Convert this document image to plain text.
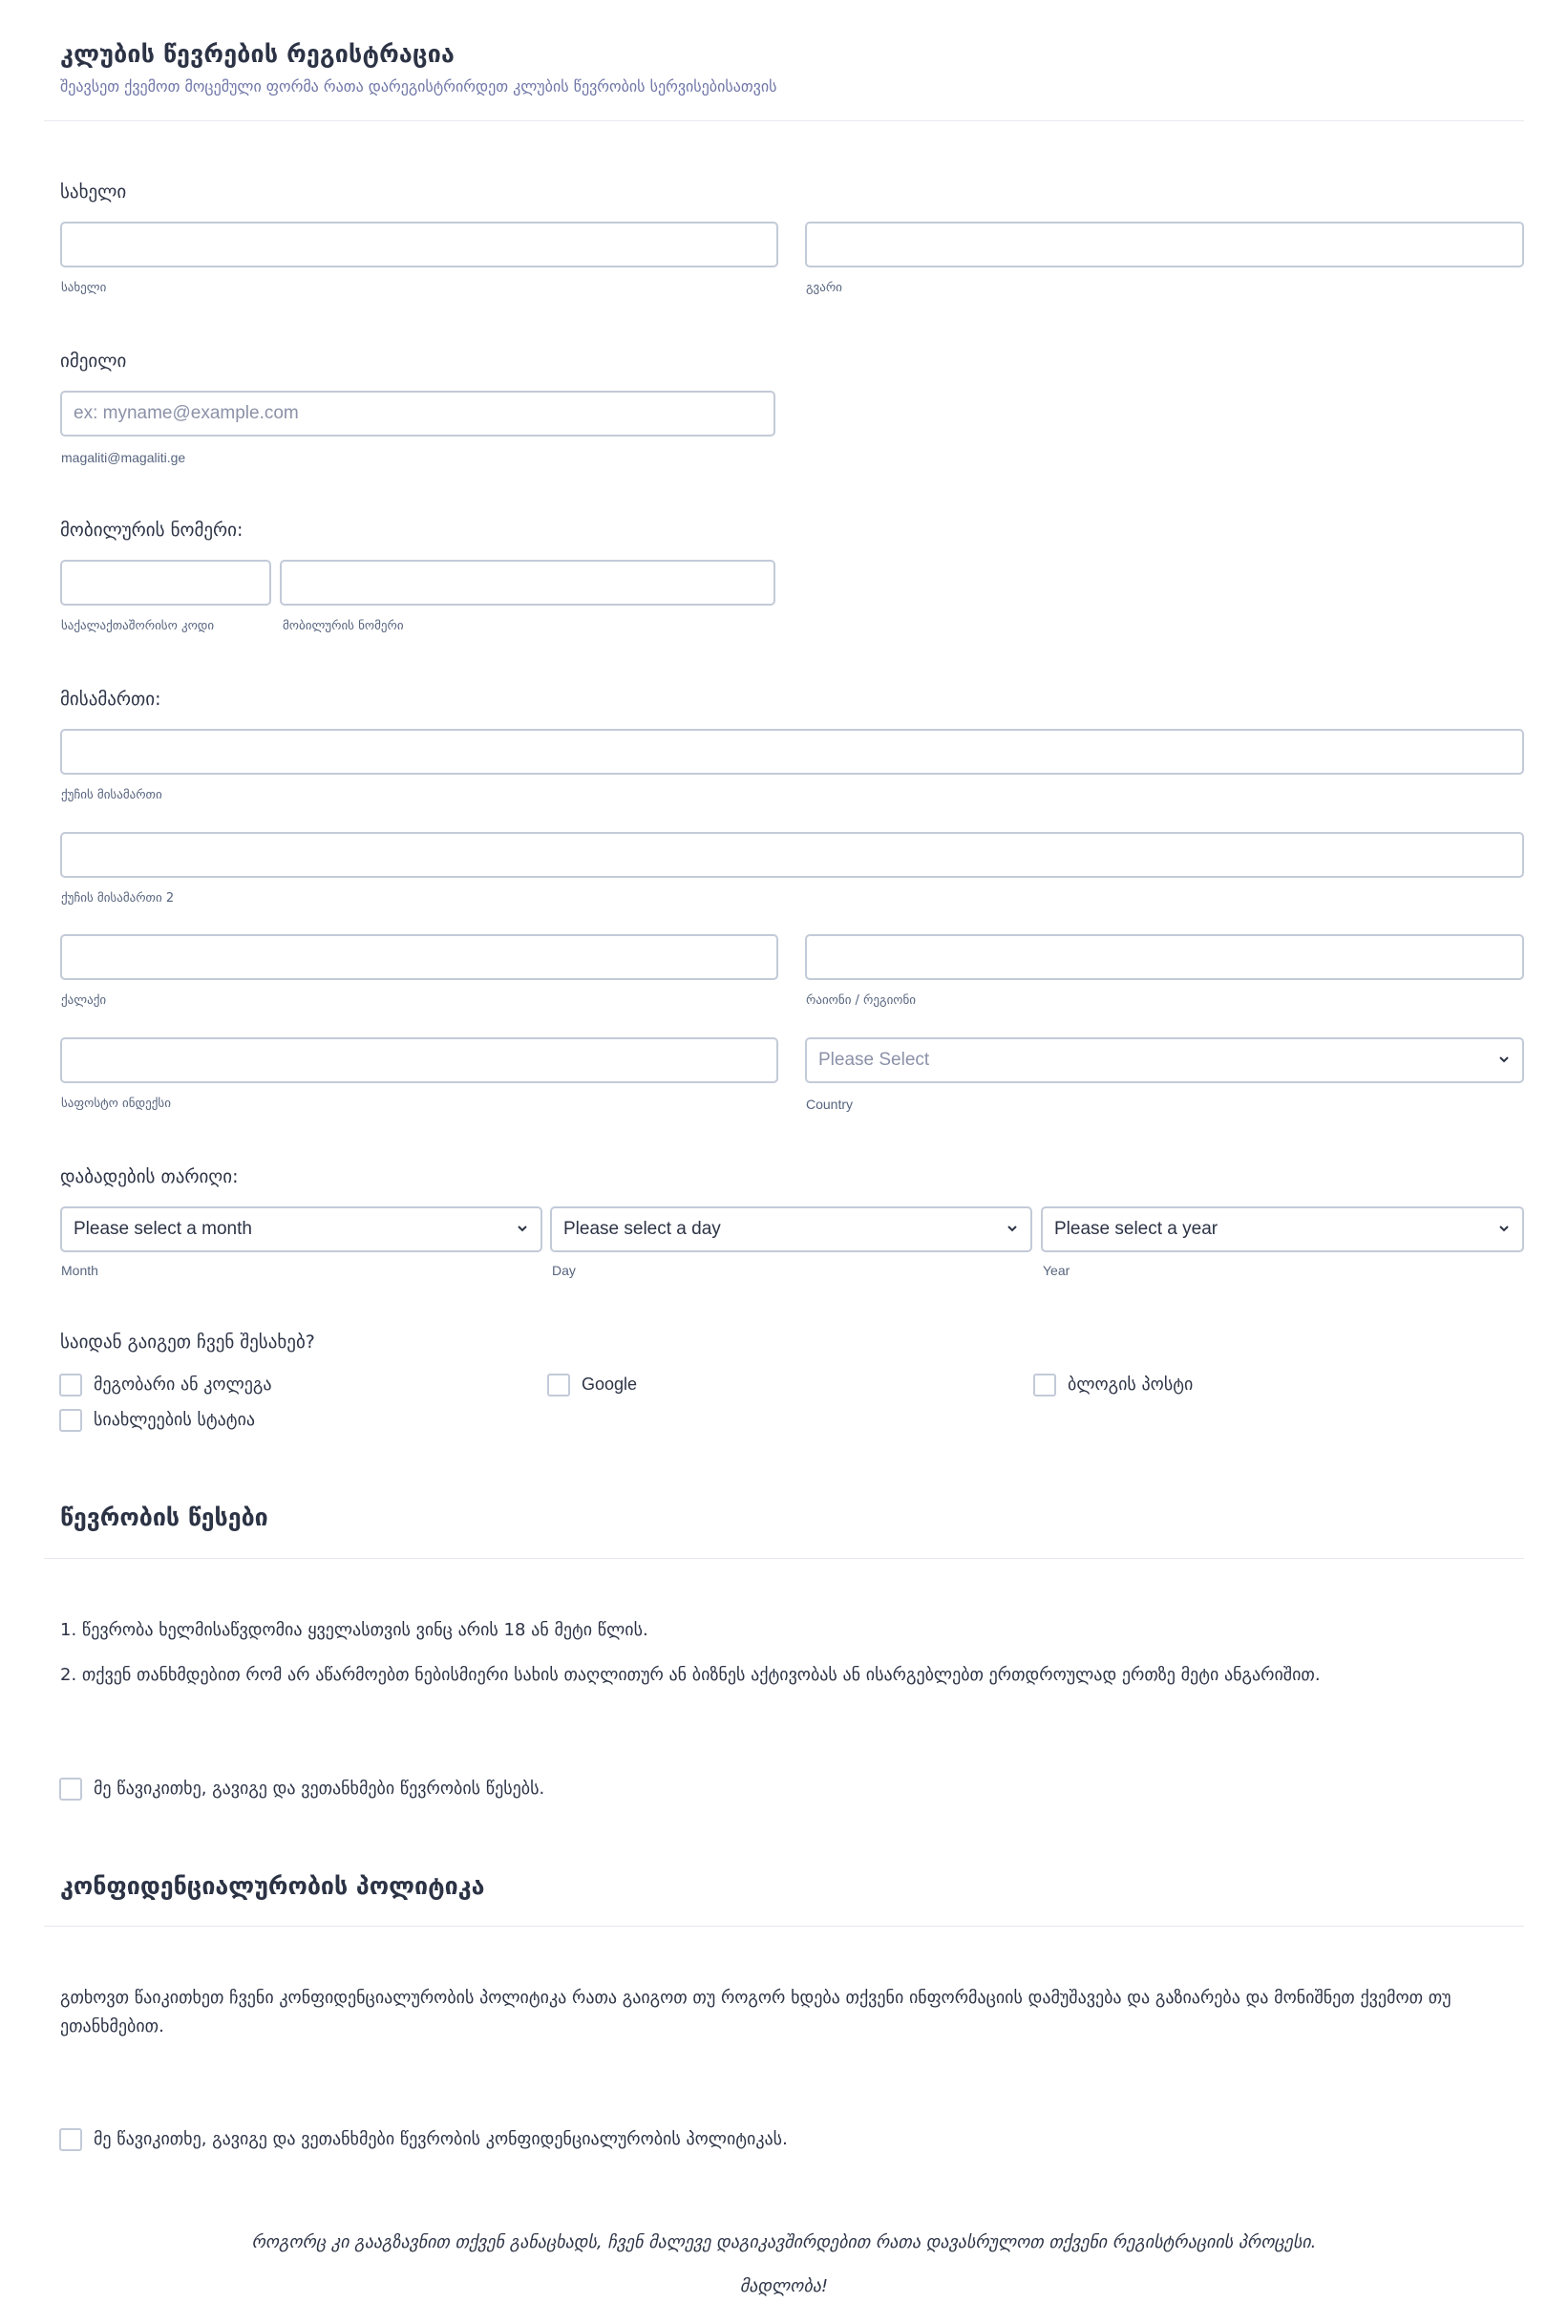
კლუბის წევრების რეგისტრაცია
შეავსეთ ქვემოთ მოცემული ფორმა რათა დარეგისტრირდეთ კლუბის წევრობის სერვისებისათვის
სახელი
სახელი	გვარი
იმეილი
ex: myname@example.com
magaliti@magaliti.ge
მობილურის ნომერი:
საქალაქთაშორისო კოდი	მობილურის ნომერი
მისამართი:
ქუჩის მისამართი
ქუჩის მისამართი 2
ქალაქი	რაიონი / რეგიონი
Please Select
საფოსტო ინდექსი	Country
დაბადების თარიღი:
Please select a month	Please select a day	Please select a year
Month	Day	Year
საიდან გაიგეთ ჩვენ შესახებ?
მეგობარი ან კოლეგა	Google	ბლოგის პოსტი
სიახლეების სტატია
წევრობის წესები
1. წევრობა ხელმისაწვდომია ყველასთვის ვინც არის 18 ან მეტი წლის.
2. თქვენ თანხმდებით რომ არ აწარმოებთ ნებისმიერი სახის თაღლითურ ან ბიზნეს აქტივობას ან ისარგებლებთ ერთდროულად ერთზე მეტი ანგარიშით.
მე წავიკითხე, გავიგე და ვეთანხმები წევრობის წესებს.
კონფიდენციალურობის პოლიტიკა
გთხოვთ წაიკითხეთ ჩვენი კონფიდენციალურობის პოლიტიკა რათა გაიგოთ თუ როგორ ხდება თქვენი ინფორმაციის დამუშავება და გაზიარება და მონიშნეთ ქვემოთ თუ ეთანხმებით.
მე წავიკითხე, გავიგე და ვეთანხმები წევრობის კონფიდენციალურობის პოლიტიკას.
როგორც კი გააგზავნით თქვენ განაცხადს, ჩვენ მალევე დაგიკავშირდებით რათა დავასრულოთ თქვენი რეგისტრაციის პროცესი.
მადლობა!
